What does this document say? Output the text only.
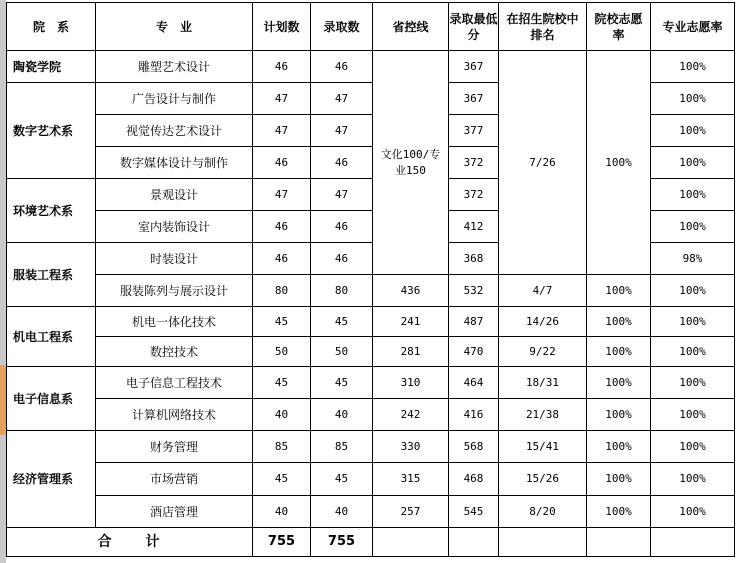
院　系	专　业	计划数	录取数	省控线	录取最低分	在招生院校中排名	院校志愿率	专业志愿率
陶瓷学院	雕塑艺术设计	46	46	文化100/专业150	367	7/26	100%	100%
数字艺术系	广告设计与制作	47	47		367			100%
	视觉传达艺术设计	47	47		377			100%
	数字媒体设计与制作	46	46		372			100%
环境艺术系	景观设计	47	47		372			100%
	室内装饰设计	46	46		412			100%
服装工程系	时装设计	46	46		368			98%
	服装陈列与展示设计	80	80	436	532	4/7	100%	100%
机电工程系	机电一体化技术	45	45	241	487	14/26	100%	100%
	数控技术	50	50	281	470	9/22	100%	100%
电子信息系	电子信息工程技术	45	45	310	464	18/31	100%	100%
	计算机网络技术	40	40	242	416	21/38	100%	100%
经济管理系	财务管理	85	85	330	568	15/41	100%	100%
	市场营销	45	45	315	468	15/26	100%	100%
	酒店管理	40	40	257	545	8/20	100%	100%
合　　计		755	755					
